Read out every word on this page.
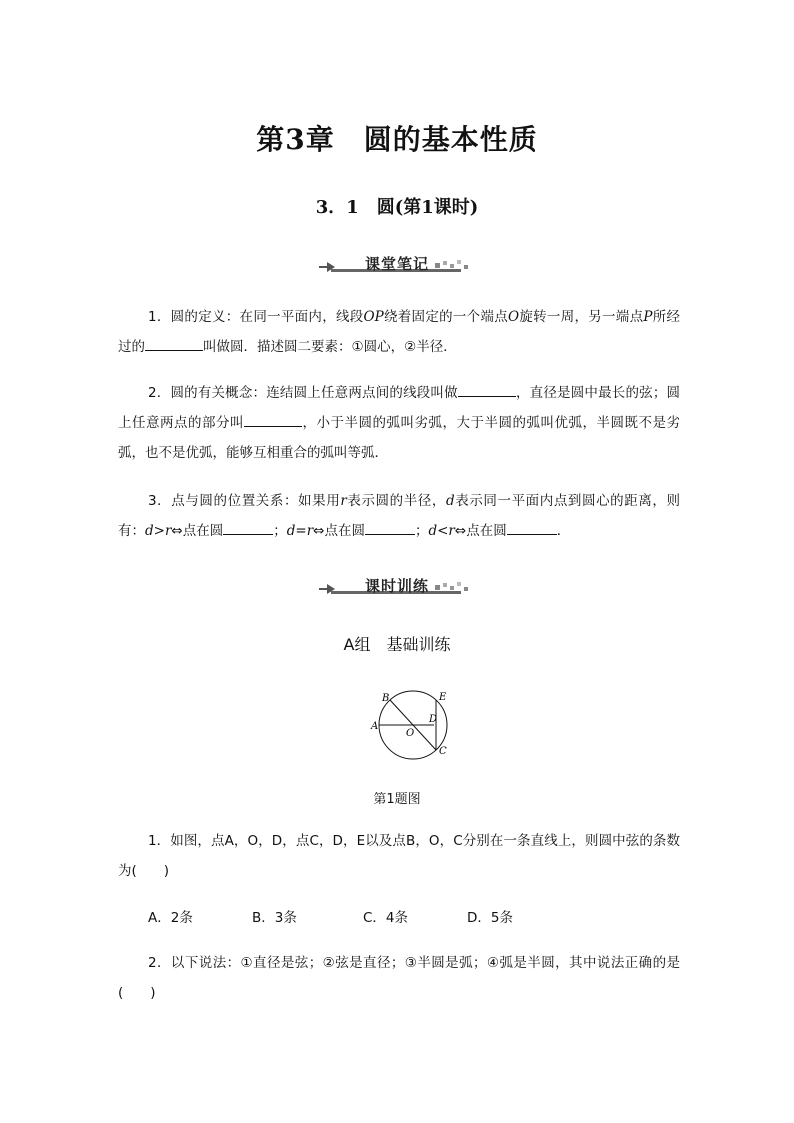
第3章　圆的基本性质
3．1　圆(第1课时)
课堂笔记
1．圆的定义：在同一平面内，线段OP绕着固定的一个端点O旋转一周，另一端点P所经过的	叫做圆．描述圆二要素：①圆心，②半径．
2．圆的有关概念：连结圆上任意两点间的线段叫做	，直径是圆中最长的弦；圆上任意两点的部分叫	，小于半圆的弧叫劣弧，大于半圆的弧叫优弧，半圆既不是劣弧，也不是优弧，能够互相重合的弧叫等弧．
3．点与圆的位置关系：如果用r表示圆的半径，d表示同一平面内点到圆心的距离，则有：d>r⇔点在圆	；d=r⇔点在圆	；d<r⇔点在圆	．
课时训练
A组　基础训练
B	E
A
D
O
C
第1题图
1．如图，点A，O，D，点C，D，E以及点B，O，C分别在一条直线上，则圆中弦的条数为(　　)
A．2条	B．3条	C．4条	D．5条
2．以下说法：①直径是弦；②弦是直径；③半圆是弧；④弧是半圆，其中说法正确的是(　　)
